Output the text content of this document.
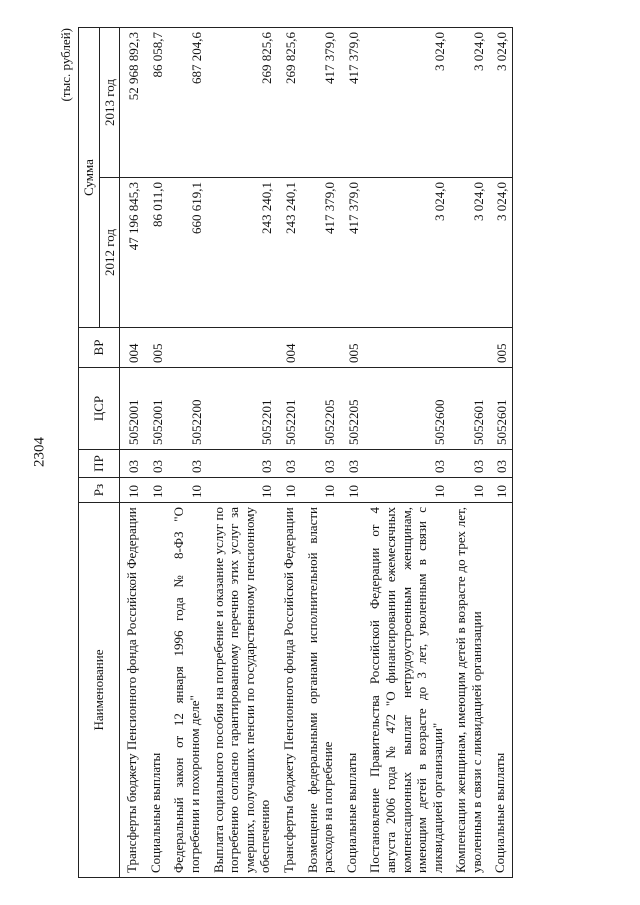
2304
(тыс. рублей)
Наименование	Рз	ПР	ЦСР	ВР	Сумма	
					2012 год	2013 год
Трансферты бюджету Пенсионного фонда Российской Федерации	10	03	5052001	004	47 196 845,3	52 968 892,3
Социальные выплаты	10	03	5052001	005	86 011,0	86 058,7
Федеральный закон от 12 января 1996 года № 8-ФЗ "О погребении и похоронном деле"	10	03	5052200		660 619,1	687 204,6
Выплата социального пособия на погребение и оказание услуг по погребению согласно гарантированному перечню этих услуг за умерших, получавших пенсии по государственному пенсионному обеспечению	10	03	5052201		243 240,1	269 825,6
Трансферты бюджету Пенсионного фонда Российской Федерации	10	03	5052201	004	243 240,1	269 825,6
Возмещение федеральными органами исполнительной власти расходов на погребение	10	03	5052205		417 379,0	417 379,0
Социальные выплаты	10	03	5052205	005	417 379,0	417 379,0
Постановление Правительства Российской Федерации от 4 августа 2006 года № 472 "О финансировании ежемесячных компенсационных выплат нетрудоустроенным женщинам, имеющим детей в возрасте до 3 лет, уволенным в связи с ликвидацией организации"	10	03	5052600		3 024,0	3 024,0
Компенсации женщинам, имеющим детей в возрасте до трех лет, уволенным в связи с ликвидацией организации	10	03	5052601		3 024,0	3 024,0
Социальные выплаты	10	03	5052601	005	3 024,0	3 024,0
